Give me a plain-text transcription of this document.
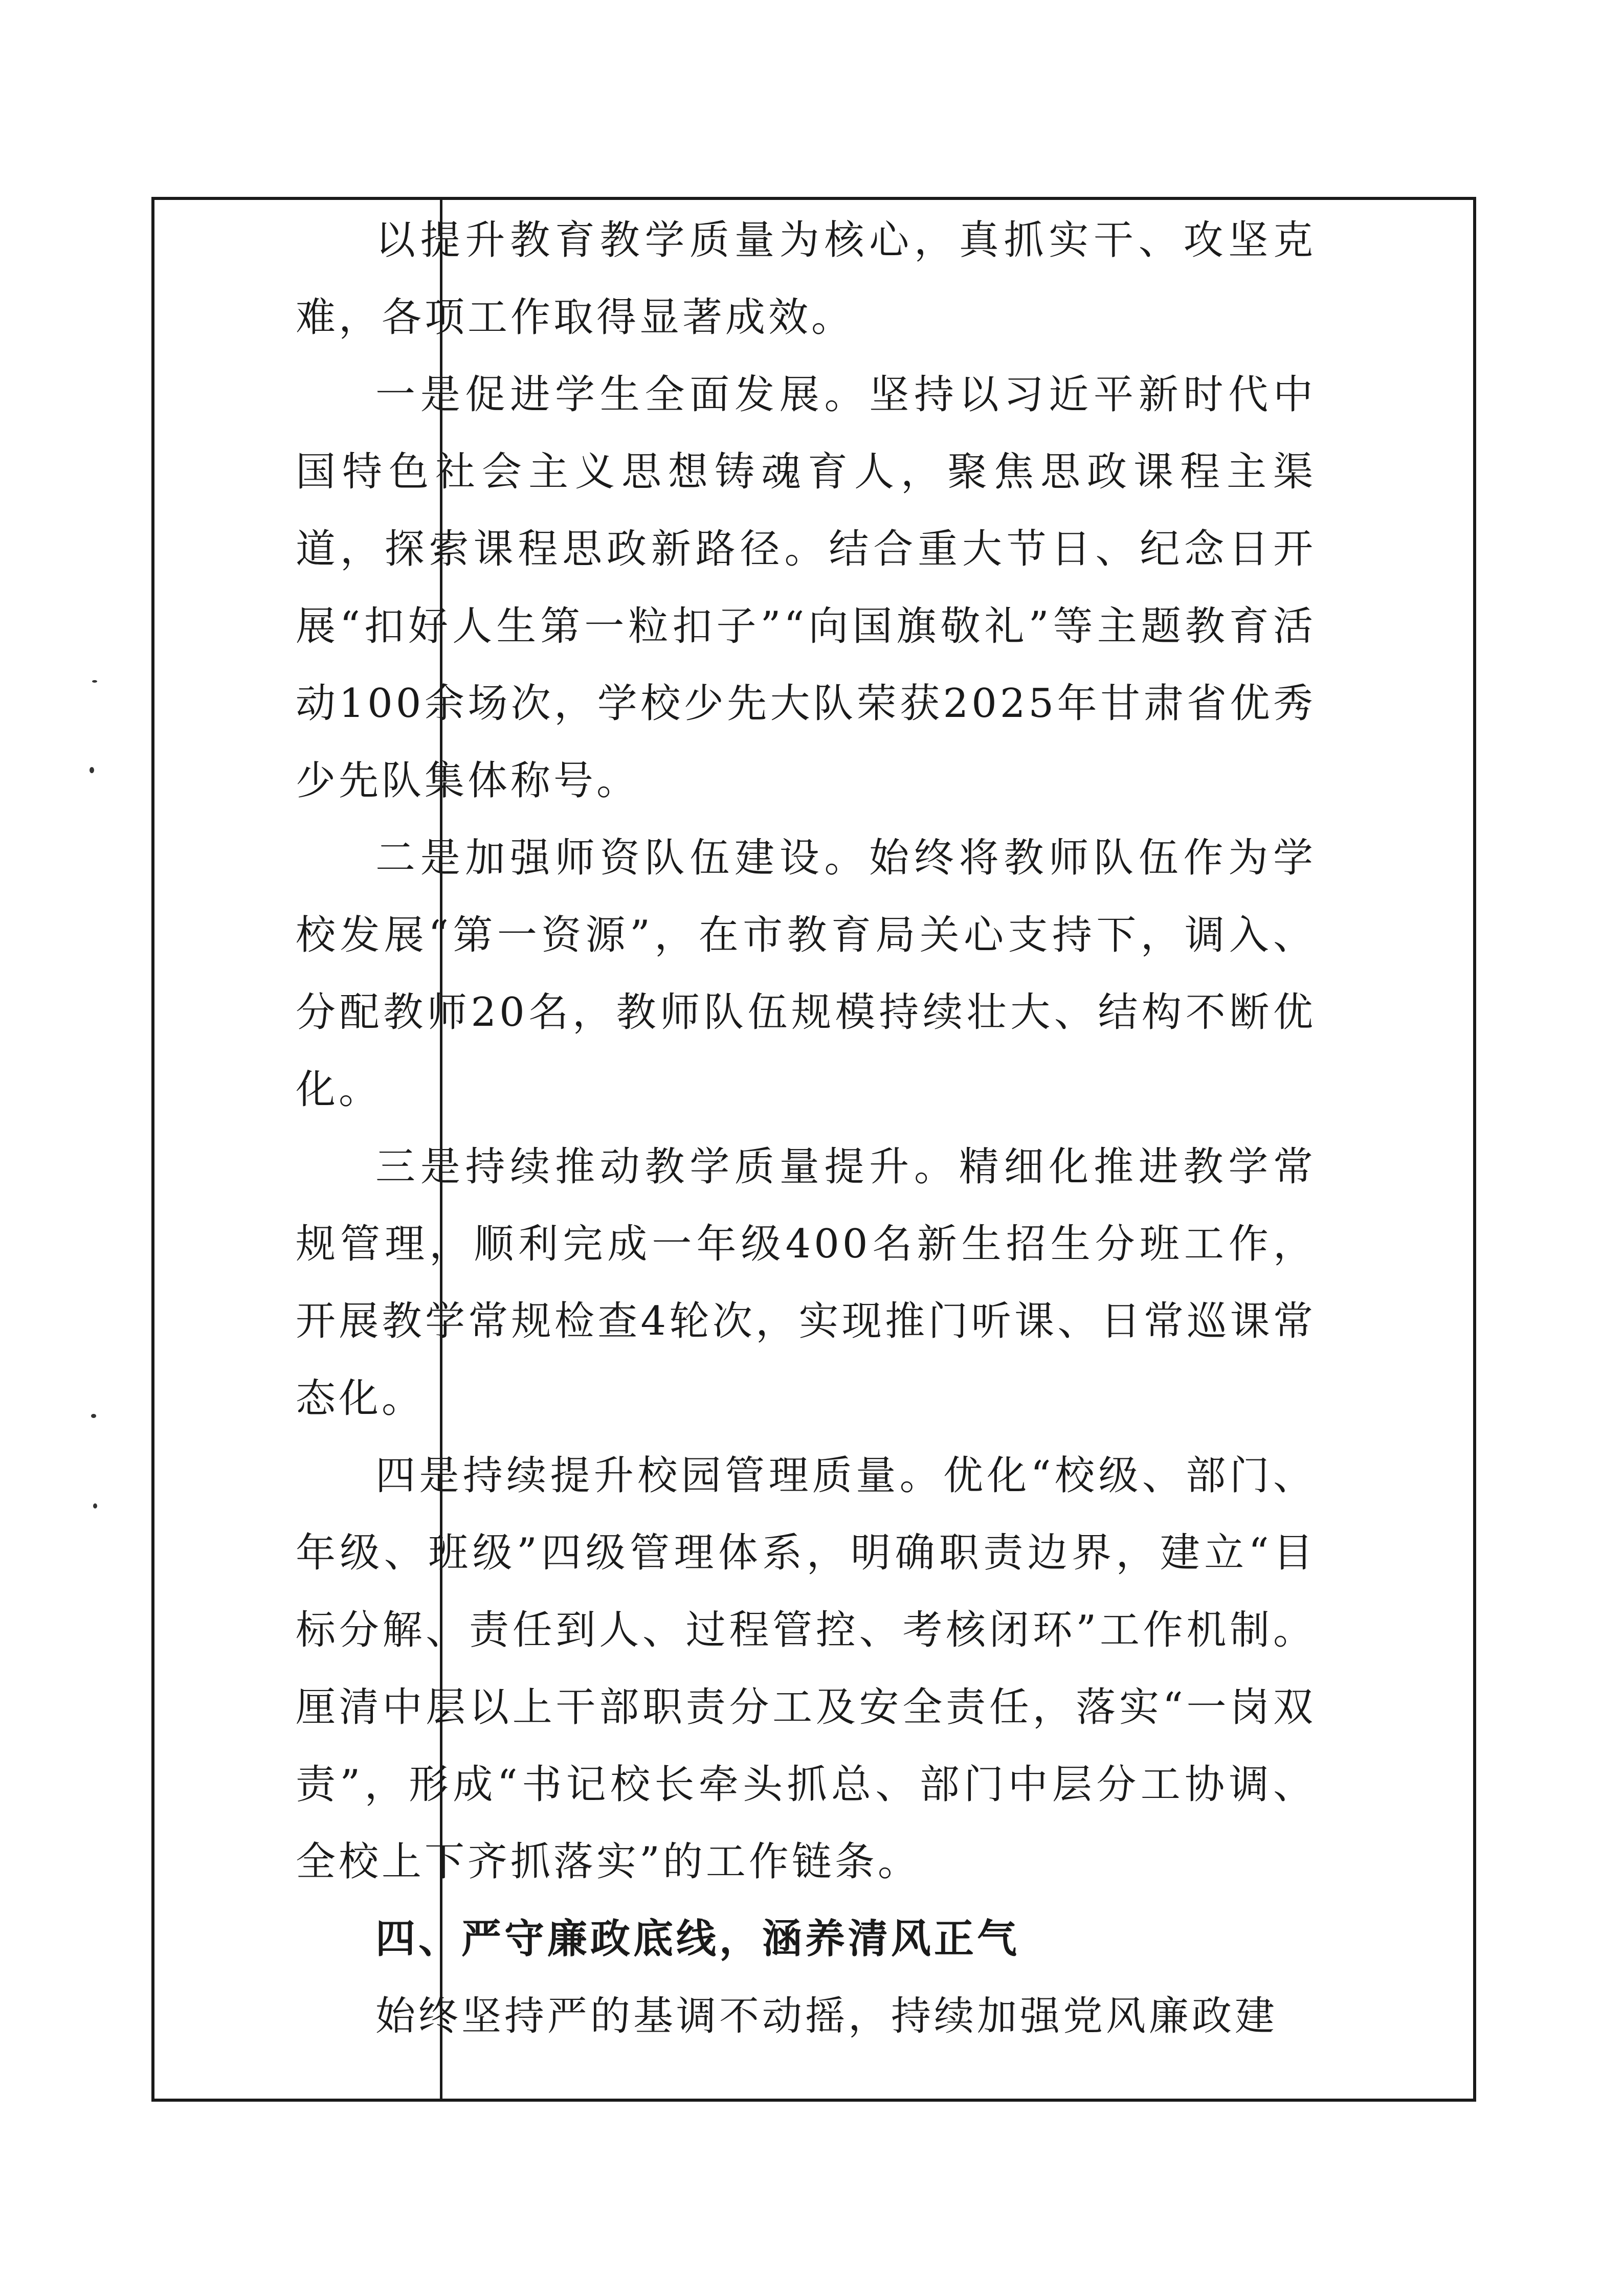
以提升教育教学质量为核心，真抓实干、攻坚克难，各项工作取得显著成效。

一是促进学生全面发展。坚持以习近平新时代中国特色社会主义思想铸魂育人，聚焦思政课程主渠道，探索课程思政新路径。结合重大节日、纪念日开展“扣好人生第一粒扣子”“向国旗敬礼”等主题教育活动100余场次，学校少先大队荣获2025年甘肃省优秀少先队集体称号。

二是加强师资队伍建设。始终将教师队伍作为学校发展“第一资源”，在市教育局关心支持下，调入、分配教师20名，教师队伍规模持续壮大、结构不断优化。

三是持续推动教学质量提升。精细化推进教学常规管理，顺利完成一年级400名新生招生分班工作，开展教学常规检查4轮次，实现推门听课、日常巡课常态化。

四是持续提升校园管理质量。优化“校级、部门、年级、班级”四级管理体系，明确职责边界，建立“目标分解、责任到人、过程管控、考核闭环”工作机制。厘清中层以上干部职责分工及安全责任，落实“一岗双责”，形成“书记校长牵头抓总、部门中层分工协调、全校上下齐抓落实”的工作链条。

四、严守廉政底线，涵养清风正气

始终坚持严的基调不动摇，持续加强党风廉政建
